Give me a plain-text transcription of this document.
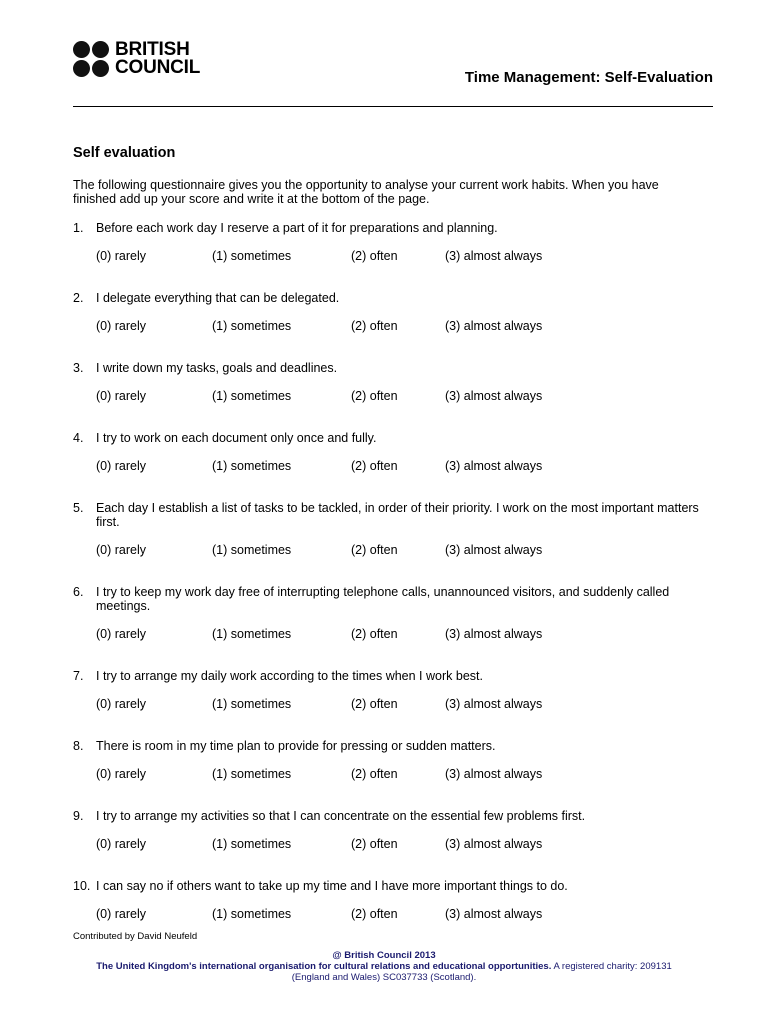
BRITISH
COUNCIL	Time Management: Self-Evaluation
Self evaluation
The following questionnaire gives you the opportunity to analyse your current work habits. When you have finished add up your score and write it at the bottom of the page.
1.	Before each work day I reserve a part of it for preparations and planning.
(0) rarely	(1) sometimes	(2) often	(3) almost always
2.	I delegate everything that can be delegated.
(0) rarely	(1) sometimes	(2) often	(3) almost always
3.	I write down my tasks, goals and deadlines.
(0) rarely	(1) sometimes	(2) often	(3) almost always
4.	I try to work on each document only once and fully.
(0) rarely	(1) sometimes	(2) often	(3) almost always
5.	Each day I establish a list of tasks to be tackled, in order of their priority. I work on the most important matters first.
(0) rarely	(1) sometimes	(2) often	(3) almost always
6.	I try to keep my work day free of interrupting telephone calls, unannounced visitors, and suddenly called meetings.
(0) rarely	(1) sometimes	(2) often	(3) almost always
7.	I try to arrange my daily work according to the times when I work best.
(0) rarely	(1) sometimes	(2) often	(3) almost always
8.	There is room in my time plan to provide for pressing or sudden matters.
(0) rarely	(1) sometimes	(2) often	(3) almost always
9.	I try to arrange my activities so that I can concentrate on the essential few problems first.
(0) rarely	(1) sometimes	(2) often	(3) almost always
10. I can say no if others want to take up my time and I have more important things to do.
(0) rarely	(1) sometimes	(2) often	(3) almost always
Contributed by David Neufeld
@ British Council 2013
The United Kingdom's international organisation for cultural relations and educational opportunities. A registered charity: 209131
(England and Wales) SC037733 (Scotland).
